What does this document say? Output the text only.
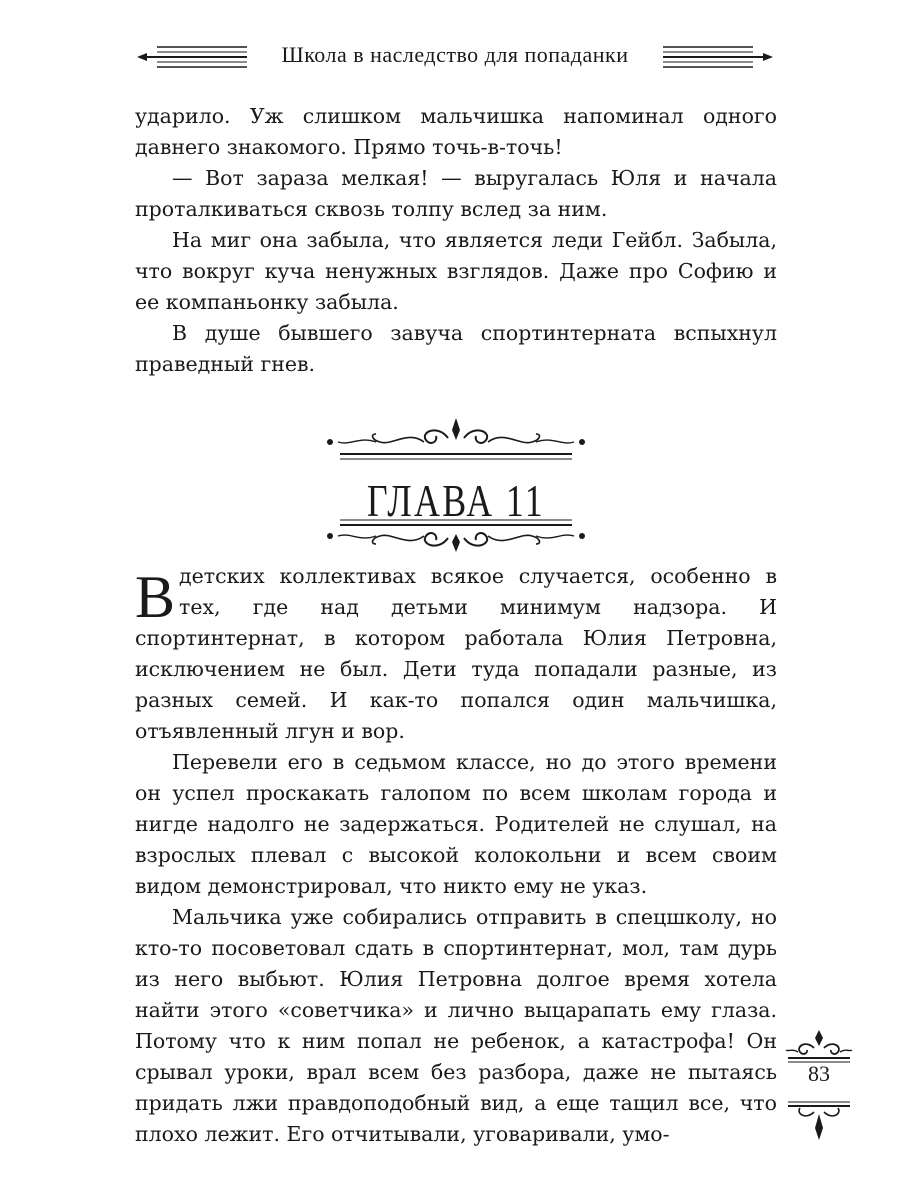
Школа в наследство для попаданки

ударило. Уж слишком мальчишка напоминал одного давнего знакомого. Прямо точь-в-точь!

— Вот зараза мелкая! — выругалась Юля и начала проталкиваться сквозь толпу вслед за ним.

На миг она забыла, что является леди Гейбл. Забыла, что вокруг куча ненужных взглядов. Даже про Софию и ее компаньонку забыла.

В душе бывшего завуча спортинтерната вспыхнул праведный гнев.

ГЛАВА 11

В детских коллективах всякое случается, особенно в тех, где над детьми минимум надзора. И спортинтернат, в котором работала Юлия Петровна, исключением не был. Дети туда попадали разные, из разных семей. И как-то попался один мальчишка, отъявленный лгун и вор.

Перевели его в седьмом классе, но до этого времени он успел проскакать галопом по всем школам города и нигде надолго не задержаться. Родителей не слушал, на взрослых плевал с высокой колокольни и всем своим видом демонстрировал, что никто ему не указ.

Мальчика уже собирались отправить в спецшколу, но кто-то посоветовал сдать в спортинтернат, мол, там дурь из него выбьют. Юлия Петровна долгое время хотела найти этого «советчика» и лично выцарапать ему глаза. Потому что к ним попал не ребенок, а катастрофа! Он срывал уроки, врал всем без разбора, даже не пытаясь придать лжи правдоподобный вид, а еще тащил все, что плохо лежит. Его отчитывали, уговаривали, умо-

83
